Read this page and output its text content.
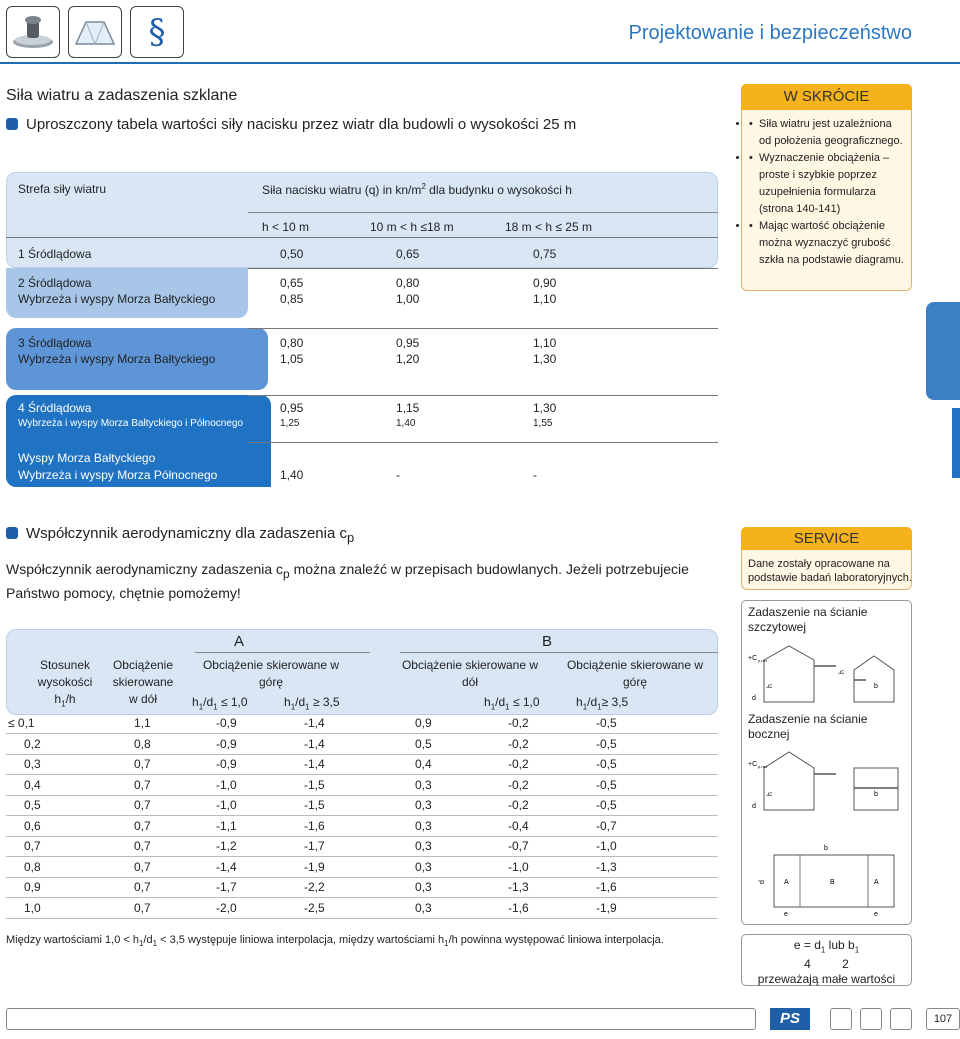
§	Projektowanie i bezpieczeństwo
Siła wiatru a zadaszenia szklane
Uproszczony tabela wartości siły nacisku przez wiatr dla budowli o wysokości 25 m
Strefa siły wiatru	Siła nacisku wiatru (q) in $kn/m^2$ dla budynku o wysokości h
h < 10 m	10 m < h ≤18 m	18 m < h ≤ 25 m
1 Śródlądowa	0,50	0,65	0,75
2 Śródlądowa	0,65	0,80	0,90
Wybrzeża i wyspy Morza Bałtyckiego	0,85	1,00	1,10
3 Śródlądowa	0,80	0,95	1,10
Wybrzeża i wyspy Morza Bałtyckiego	1,05	1,20	1,30
4 Śródlądowa	0,95	1,15	1,30
Wybrzeża i wyspy Morza Bałtyckiego i Północnego	1,25	1,40	1,55
Wyspy Morza Bałtyckiego
Wybrzeża i wyspy Morza Północnego	1,40	-	-
W SKRÓCIE
• • Siła wiatru jest uzależniona od położenia geograficznego.
• • Wyznaczenie obciążenia – proste i szybkie poprzez uzupełnienia formularza (strona 140-141)
• • Mając wartość obciążenie można wyznaczyć grubość szkła na podstawie diagramu.
Współczynnik aerodynamiczny dla zadaszenia $c_p$
Współczynnik aerodynamiczny zadaszenia $c_p$ można znaleźć w przepisach budowlanych. Jeżeli potrzebujecie Państwo pomocy, chętnie pomożemy!
SERVICE
Dane zostały opracowane na podstawie badań laboratoryjnych.
A	B
Stosunek
wysokości
$h_1/h$
Obciążenie
skierowane
w dół
Obciążenie skierowane w górę
Obciążenie skierowane w dół
Obciążenie skierowane w górę
$h_1/d_1 \le 1,0$	$h_1/d_1 \ge 3,5$	$h_1/d_1 \le 1,0$	$h_1/d_1\ge 3,5$
≤ 0,1	1,1	-0,9	-1,4	0,9	-0,2	-0,5
0,2	0,8	-0,9	-1,4	0,5	-0,2	-0,5
0,3	0,7	-0,9	-1,4	0,4	-0,2	-0,5
0,4	0,7	-1,0	-1,5	0,3	-0,2	-0,5
0,5	0,7	-1,0	-1,5	0,3	-0,2	-0,5
0,6	0,7	-1,1	-1,6	0,3	-0,4	-0,7
0,7	0,7	-1,2	-1,7	0,3	-0,7	-1,0
0,8	0,7	-1,4	-1,9	0,3	-1,0	-1,3
0,9	0,7	-1,7	-2,2	0,3	-1,3	-1,6
1,0	0,7	-2,0	-2,5	0,3	-1,6	-1,9
Między wartościami $1,0 < h_1/d_1 < 3,5$ występuje liniowa interpolacja, między wartościami $h_1/h$ powinna występować liniowa interpolacja.
Zadaszenie na ścianie szczytowej
+C p,net
h
d
h
b
Zadaszenie na ścianie bocznej
+C p,net
h
d
b
b
d	A	B	A
e	e
$e = d_1$ lub $b_1$
4 2
przeważają małe wartości
PS	107
